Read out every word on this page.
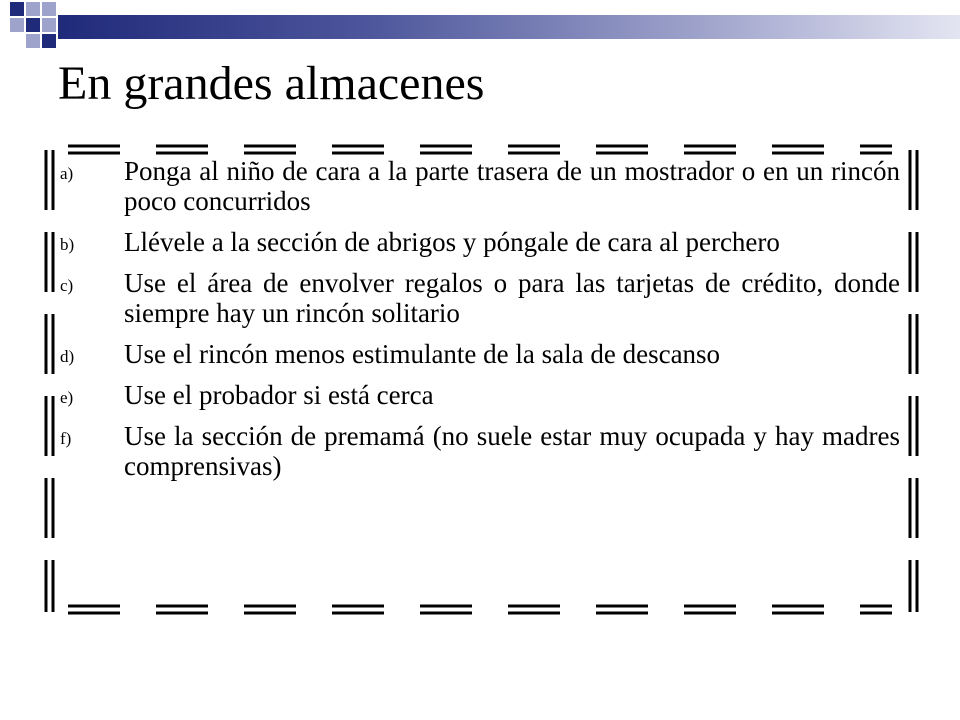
En grandes almacenes
a) Ponga al niño de cara a la parte trasera de un mostrador o en un rincón poco concurridos
b) Llévele a la sección de abrigos y póngale de cara al perchero
c) Use el área de envolver regalos o para las tarjetas de crédito, donde siempre hay un rincón solitario
d) Use el rincón menos estimulante de la sala de descanso
e) Use el probador si está cerca
f) Use la sección de premamá (no suele estar muy ocupada y hay madres comprensivas)
